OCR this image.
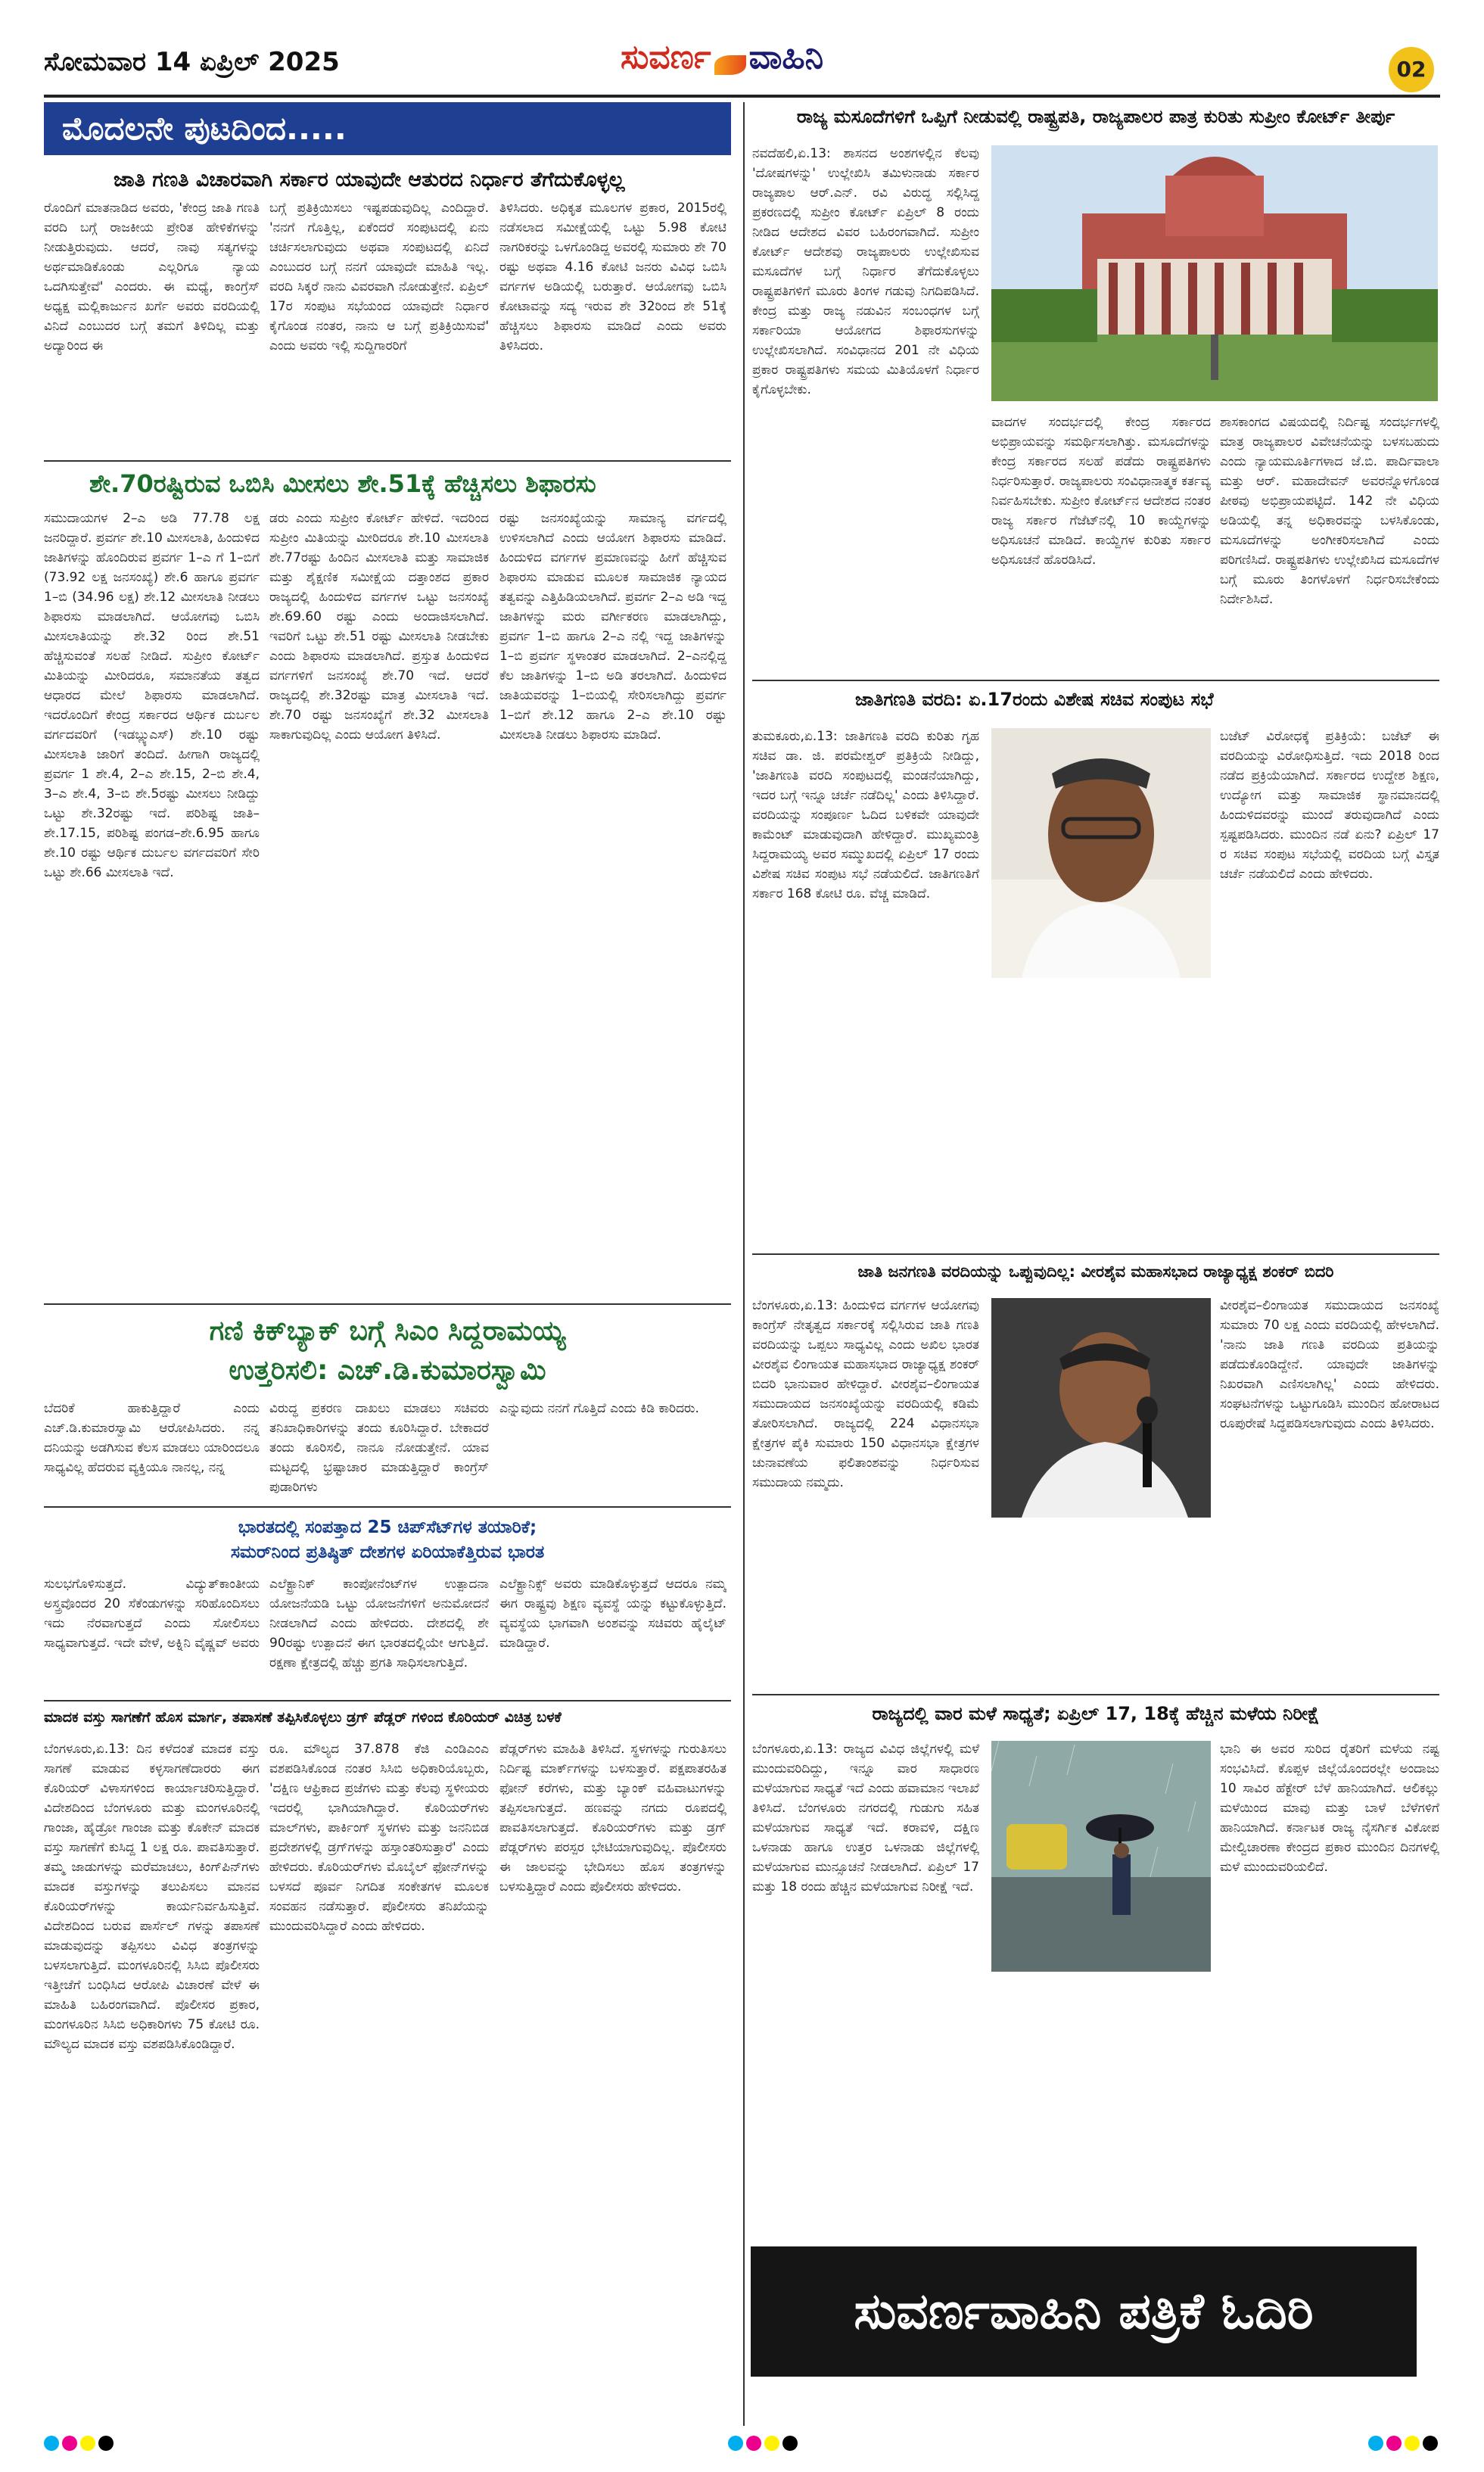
ಸೋಮವಾರ 14 ಏಪ್ರಿಲ್ 2025	ಸುವರ್ಣ ವಾಹಿನಿ	02
ಮೊದಲನೇ ಪುಟದಿಂದ.....
ಜಾತಿ ಗಣತಿ ವಿಚಾರವಾಗಿ ಸರ್ಕಾರ ಯಾವುದೇ ಆತುರದ ನಿರ್ಧಾರ ತೆಗೆದುಕೊಳ್ಳಲ್ಲ
ರೊಂದಿಗೆ ಮಾತನಾಡಿದ ಅವರು, 'ಕೇಂದ್ರ ಜಾತಿ ಗಣತಿ ವರದಿ ಬಗ್ಗೆ ರಾಜಕೀಯ ಪ್ರೇರಿತ ಹೇಳಿಕೆಗಳನ್ನು ನೀಡುತ್ತಿರುವುದು. ಆದರೆ, ನಾವು ಸತ್ಯಗಳನ್ನು ಅರ್ಥಮಾಡಿಕೊಂಡು ಎಲ್ಲರಿಗೂ ನ್ಯಾಯ ಒದಗಿಸುತ್ತೇವೆ' ಎಂದರು. ಈ ಮಧ್ಯೆ, ಕಾಂಗ್ರೆಸ್ ಅಧ್ಯಕ್ಷ ಮಲ್ಲಿಕಾರ್ಜುನ ಖರ್ಗೆ ಅವರು ವರದಿಯಲ್ಲಿ ವಿನಿದೆ ಎಂಬುದರ ಬಗ್ಗೆ ತಮಗೆ ತಿಳಿದಿಲ್ಲ ಮತ್ತು ಅದ್ಯಾರಿಂದ ಈ
ಬಗ್ಗೆ ಪ್ರತಿಕ್ರಿಯಿಸಲು ಇಷ್ಟಪಡುವುದಿಲ್ಲ ಎಂದಿದ್ದಾರೆ. 'ನನಗೆ ಗೊತ್ತಿಲ್ಲ, ಏಕೆಂದರೆ ಸಂಪುಟದಲ್ಲಿ ಏನು ಚರ್ಚಿಸಲಾಗುವುದು ಅಥವಾ ಸಂಪುಟದಲ್ಲಿ ಏನಿದೆ ಎಂಬುದರ ಬಗ್ಗೆ ನನಗೆ ಯಾವುದೇ ಮಾಹಿತಿ ಇಲ್ಲ. ವರದಿ ಸಿಕ್ಕರೆ ನಾನು ವಿವರವಾಗಿ ನೋಡುತ್ತೇನೆ. ಏಪ್ರಿಲ್ 17ರ ಸಂಪುಟ ಸಭೆಯಂದ ಯಾವುದೇ ನಿರ್ಧಾರ ಕೈಗೊಂಡ ನಂತರ, ನಾನು ಆ ಬಗ್ಗೆ ಪ್ರತಿಕ್ರಿಯಿಸುವೆ' ಎಂದು ಅವರು ಇಲ್ಲಿ ಸುದ್ದಿಗಾರರಿಗೆ
ತಿಳಿಸಿದರು. ಅಧಿಕೃತ ಮೂಲಗಳ ಪ್ರಕಾರ, 2015ರಲ್ಲಿ ನಡೆಸಲಾದ ಸಮೀಕ್ಷೆಯಲ್ಲಿ ಒಟ್ಟು 5.98 ಕೋಟಿ ನಾಗರಿಕರನ್ನು ಒಳಗೊಂಡಿದ್ದ ಅವರಲ್ಲಿ ಸುಮಾರು ಶೇ 70 ರಷ್ಟು ಅಥವಾ 4.16 ಕೋಟಿ ಜನರು ವಿವಿಧ ಒಬಿಸಿ ವರ್ಗಗಳ ಅಡಿಯಲ್ಲಿ ಬರುತ್ತಾರೆ. ಆಯೋಗವು ಒಬಿಸಿ ಕೋಟಾವನ್ನು ಸದ್ಯ ಇರುವ ಶೇ 32ರಿಂದ ಶೇ 51ಕ್ಕೆ ಹೆಚ್ಚಿಸಲು ಶಿಫಾರಸು ಮಾಡಿದೆ ಎಂದು ಅವರು ತಿಳಿಸಿದರು.
ಶೇ.70ರಷ್ಟಿರುವ ಒಬಿಸಿ ಮೀಸಲು ಶೇ.51ಕ್ಕೆ ಹೆಚ್ಚಿಸಲು ಶಿಫಾರಸು
ಸಮುದಾಯಗಳ 2–ಎ ಅಡಿ 77.78 ಲಕ್ಷ ಜನರಿದ್ದಾರೆ. ಪ್ರವರ್ಗ ಶೇ.10 ಮೀಸಲಾತಿ, ಹಿಂದುಳಿದ ಜಾತಿಗಳನ್ನು ಹೊಂದಿರುವ ಪ್ರವರ್ಗ 1–ಎ ಗೆ 1–ಬಿಗೆ (73.92 ಲಕ್ಷ ಜನಸಂಖ್ಯೆ) ಶೇ.6 ಹಾಗೂ ಪ್ರವರ್ಗ 1–ಬಿ (34.96 ಲಕ್ಷ) ಶೇ.12 ಮೀಸಲಾತಿ ನೀಡಲು ಶಿಫಾರಸು ಮಾಡಲಾಗಿದೆ. ಆಯೋಗವು ಒಬಿಸಿ ಮೀಸಲಾತಿಯನ್ನು ಶೇ.32 ರಿಂದ ಶೇ.51 ಹೆಚ್ಚಿಸುವಂತೆ ಸಲಹೆ ನೀಡಿದೆ. ಸುಪ್ರೀಂ ಕೋರ್ಟ್ ಮಿತಿಯನ್ನು ಮೀರಿದರೂ, ಸಮಾನತೆಯ ತತ್ವದ ಆಧಾರದ ಮೇಲೆ ಶಿಫಾರಸು ಮಾಡಲಾಗಿದೆ. ಇದರೊಂದಿಗೆ ಕೇಂದ್ರ ಸರ್ಕಾರದ ಆರ್ಥಿಕ ದುರ್ಬಲ ವರ್ಗದವರಿಗೆ (ಇಡಬ್ಲ್ಯುಎಸ್) ಶೇ.10 ರಷ್ಟು ಮೀಸಲಾತಿ ಜಾರಿಗೆ ತಂದಿದೆ. ಹೀಗಾಗಿ ರಾಜ್ಯದಲ್ಲಿ ಪ್ರವರ್ಗ 1 ಶೇ.4, 2–ಎ ಶೇ.15, 2–ಬಿ ಶೇ.4, 3–ಎ ಶೇ.4, 3–ಬಿ ಶೇ.5ರಷ್ಟು ಮೀಸಲು ನೀಡಿದ್ದು ಒಟ್ಟು ಶೇ.32ರಷ್ಟು ಇದೆ. ಪರಿಶಿಷ್ಟ ಜಾತಿ–ಶೇ.17.15, ಪರಿಶಿಷ್ಟ ಪಂಗಡ–ಶೇ.6.95 ಹಾಗೂ ಶೇ.10 ರಷ್ಟು ಆರ್ಥಿಕ ದುರ್ಬಲ ವರ್ಗದವರಿಗೆ ಸೇರಿ ಒಟ್ಟು ಶೇ.66 ಮೀಸಲಾತಿ ಇದೆ.
ಡರು ಎಂದು ಸುಪ್ರೀಂ ಕೋರ್ಟ್ ಹೇಳಿದೆ. ಇದರಿಂದ ಸುಪ್ರೀಂ ಮಿತಿಯನ್ನು ಮೀರಿದರೂ ಶೇ.10 ಮೀಸಲಾತಿ ಶೇ.77ರಷ್ಟು ಹಿಂದಿನ ಮೀಸಲಾತಿ ಮತ್ತು ಸಾಮಾಜಿಕ ಮತ್ತು ಶೈಕ್ಷಣಿಕ ಸಮೀಕ್ಷೆಯ ದತ್ತಾಂಶದ ಪ್ರಕಾರ ರಾಜ್ಯದಲ್ಲಿ ಹಿಂದುಳಿದ ವರ್ಗಗಳ ಒಟ್ಟು ಜನಸಂಖ್ಯೆ ಶೇ.69.60 ರಷ್ಟು ಎಂದು ಅಂದಾಜಿಸಲಾಗಿದೆ. ಇವರಿಗೆ ಒಟ್ಟು ಶೇ.51 ರಷ್ಟು ಮೀಸಲಾತಿ ನೀಡಬೇಕು ಎಂದು ಶಿಫಾರಸು ಮಾಡಲಾಗಿದೆ. ಪ್ರಸ್ತುತ ಹಿಂದುಳಿದ ವರ್ಗಗಳಿಗೆ ಜನಸಂಖ್ಯೆ ಶೇ.70 ಇದೆ. ಆದರೆ ರಾಜ್ಯದಲ್ಲಿ ಶೇ.32ರಷ್ಟು ಮಾತ್ರ ಮೀಸಲಾತಿ ಇದೆ. ಶೇ.70 ರಷ್ಟು ಜನಸಂಖ್ಯೆಗೆ ಶೇ.32 ಮೀಸಲಾತಿ ಸಾಕಾಗುವುದಿಲ್ಲ ಎಂದು ಆಯೋಗ ತಿಳಿಸಿದೆ.
ರಷ್ಟು ಜನಸಂಖ್ಯೆಯನ್ನು ಸಾಮಾನ್ಯ ವರ್ಗದಲ್ಲಿ ಉಳಿಸಲಾಗಿದೆ ಎಂದು ಆಯೋಗ ಶಿಫಾರಸು ಮಾಡಿದೆ. ಹಿಂದುಳಿದ ವರ್ಗಗಳ ಪ್ರಮಾಣವನ್ನು ಹೀಗೆ ಹೆಚ್ಚಿಸುವ ಶಿಫಾರಸು ಮಾಡುವ ಮೂಲಕ ಸಾಮಾಜಿಕ ನ್ಯಾಯದ ತತ್ವವನ್ನು ಎತ್ತಿಹಿಡಿಯಲಾಗಿದೆ. ಪ್ರವರ್ಗ 2–ಎ ಅಡಿ ಇದ್ದ ಜಾತಿಗಳನ್ನು ಮರು ವರ್ಗೀಕರಣ ಮಾಡಲಾಗಿದ್ದು, ಪ್ರವರ್ಗ 1–ಬಿ ಹಾಗೂ 2–ಎ ನಲ್ಲಿ ಇದ್ದ ಜಾತಿಗಳನ್ನು 1–ಬಿ ಪ್ರವರ್ಗ ಸ್ಥಳಾಂತರ ಮಾಡಲಾಗಿದೆ. 2–ಎನಲ್ಲಿದ್ದ ಕೆಲ ಜಾತಿಗಳನ್ನು 1–ಬಿ ಅಡಿ ತರಲಾಗಿದೆ. ಹಿಂದುಳಿದ ಜಾತಿಯವರನ್ನು 1–ಬಿಯಲ್ಲಿ ಸೇರಿಸಲಾಗಿದ್ದು ಪ್ರವರ್ಗ 1–ಬಿಗೆ ಶೇ.12 ಹಾಗೂ 2–ಎ ಶೇ.10 ರಷ್ಟು ಮೀಸಲಾತಿ ನೀಡಲು ಶಿಫಾರಸು ಮಾಡಿದೆ.
ಗಣಿ ಕಿಕ್‌ಬ್ಯಾಕ್ ಬಗ್ಗೆ ಸಿಎಂ ಸಿದ್ದರಾಮಯ್ಯ
ಉತ್ತರಿಸಲಿ: ಎಚ್.ಡಿ.ಕುಮಾರಸ್ವಾಮಿ
ಬೆದರಿಕೆ ಹಾಕುತ್ತಿದ್ದಾರೆ ಎಂದು ಎಚ್.ಡಿ.ಕುಮಾರಸ್ವಾಮಿ ಆರೋಪಿಸಿದರು. ನನ್ನ ದನಿಯನ್ನು ಅಡಗಿಸುವ ಕೆಲಸ ಮಾಡಲು ಯಾರಿಂದಲೂ ಸಾಧ್ಯವಿಲ್ಲ ಹೆದರುವ ವ್ಯಕ್ತಿಯೂ ನಾನಲ್ಲ, ನನ್ನ
ವಿರುದ್ಧ ಪ್ರಕರಣ ದಾಖಲು ಮಾಡಲು ಸಚಿವರು ತನಿಖಾಧಿಕಾರಿಗಳನ್ನು ತಂದು ಕೂರಿಸಿದ್ದಾರೆ. ಬೇಕಾದರೆ ತಂದು ಕೂರಿಸಲಿ, ನಾನೂ ನೋಡುತ್ತೇನೆ. ಯಾವ ಮಟ್ಟದಲ್ಲಿ ಭ್ರಷ್ಟಾಚಾರ ಮಾಡುತ್ತಿದ್ದಾರೆ ಕಾಂಗ್ರೆಸ್ ಪುಡಾರಿಗಳು
ಎನ್ನುವುದು ನನಗೆ ಗೊತ್ತಿದೆ ಎಂದು ಕಿಡಿ ಕಾರಿದರು.
ಭಾರತದಲ್ಲಿ ಸಂಪತ್ತಾದ 25 ಚಿಪ್‌ಸೆಟ್‌ಗಳ ತಯಾರಿಕೆ;
ಸಮರ್‌ನಿಂದ ಪ್ರತಿಷ್ಠಿತ್ ದೇಶಗಳ ಏರಿಯಾಕೆತ್ತಿರುವ ಭಾರತ
ಸುಲಭಗೊಳಿಸುತ್ತದೆ. ವಿದ್ಯುತ್‌ಕಾಂತೀಯ ಅಸ್ತ್ರವೊಂದರ 20 ಸೆಕೆಂಡುಗಳನ್ನು ಸರಿಹೊಂದಿಸಲು ಇದು ನೆರವಾಗುತ್ತದೆ ಎಂದು ಸೋಲಿಸಲು ಸಾಧ್ಯವಾಗುತ್ತದೆ. ಇದೇ ವೇಳೆ, ಅಕ್ನಿನಿ ವೈಷ್ಣವ್ ಅವರು
ಎಲೆಕ್ಟ್ರಾನಿಕ್ ಕಾಂಪೋನೆಂಟ್‌ಗಳ ಉತ್ಪಾದನಾ ಯೋಜನೆಯಡಿ ಒಟ್ಟು ಯೋಜನೆಗಳಿಗೆ ಅನುಮೋದನೆ ನೀಡಲಾಗಿದೆ ಎಂದು ಹೇಳಿದರು. ದೇಶದಲ್ಲಿ ಶೇ 90ರಷ್ಟು ಉತ್ಪಾದನೆ ಈಗ ಭಾರತದಲ್ಲಿಯೇ ಆಗುತ್ತಿದೆ. ರಕ್ಷಣಾ ಕ್ಷೇತ್ರದಲ್ಲಿ ಹೆಚ್ಚು ಪ್ರಗತಿ ಸಾಧಿಸಲಾಗುತ್ತಿದೆ.
ಎಲೆಕ್ಟ್ರಾನಿಕ್ಸ್ ಅವರು ಮಾಡಿಕೊಳ್ಳುತ್ತದೆ ಆದರೂ ನಮ್ಮ ಈಗ ರಾಷ್ಟ್ರವು ಶಿಕ್ಷಣ ವ್ಯವಸ್ಥೆ ಯನ್ನು ಕಟ್ಟುಕೊಳ್ಳುತ್ತಿದೆ. ವ್ಯವಸ್ಥೆಯ ಭಾಗವಾಗಿ ಅಂಶವನ್ನು ಸಚಿವರು ಹೈಲೈಟ್ ಮಾಡಿದ್ದಾರೆ.
ಮಾದಕ ವಸ್ತು ಸಾಗಣೆಗೆ ಹೊಸ ಮಾರ್ಗ, ತಪಾಸಣೆ ತಪ್ಪಿಸಿಕೊಳ್ಳಲು ಡ್ರಗ್ ಪೆಡ್ಲರ್ ಗಳಿಂದ ಕೊರಿಯರ್ ವಿಚಿತ್ರ ಬಳಕೆ
ಬೆಂಗಳೂರು,ಏ.13: ದಿನ ಕಳೆದಂತೆ ಮಾದಕ ವಸ್ತು ಸಾಗಣೆ ಮಾಡುವ ಕಳ್ಳಸಾಗಣೆದಾರರು ಈಗ ಕೊರಿಯರ್ ವಿಳಾಸಗಳಿಂದ ಕಾರ್ಯಾಚರಿಸುತ್ತಿದ್ದಾರೆ. ವಿದೇಶದಿಂದ ಬೆಂಗಳೂರು ಮತ್ತು ಮಂಗಳೂರಿನಲ್ಲಿ ಗಾಂಜಾ, ಹೈಡ್ರೋ ಗಾಂಜಾ ಮತ್ತು ಕೊಕೇನ್ ಮಾದಕ ವಸ್ತು ಸಾಗಣೆಗೆ ಕುಸಿದ್ದ 1 ಲಕ್ಷ ರೂ. ಪಾವತಿಸುತ್ತಾರೆ. ತಮ್ಮ ಜಾಡುಗಳನ್ನು ಮರೆಮಾಚಲು, ಕಿಂಗ್‌ಪಿನ್‌ಗಳು ಮಾದಕ ವಸ್ತುಗಳನ್ನು ತಲುಪಿಸಲು ಮಾನವ ಕೊರಿಯರ್‌ಗಳನ್ನು ಕಾರ್ಯನಿರ್ವಹಿಸುತ್ತಿವೆ. ವಿದೇಶದಿಂದ ಬರುವ ಪಾರ್ಸೆಲ್ ಗಳನ್ನು ತಪಾಸಣೆ ಮಾಡುವುದನ್ನು ತಪ್ಪಿಸಲು ವಿವಿಧ ತಂತ್ರಗಳನ್ನು ಬಳಸಲಾಗುತ್ತಿದೆ. ಮಂಗಳೂರಿನಲ್ಲಿ ಸಿಸಿಬಿ ಪೊಲೀಸರು ಇತ್ತೀಚೆಗೆ ಬಂಧಿಸಿದ ಆರೋಪಿ ವಿಚಾರಣೆ ವೇಳೆ ಈ ಮಾಹಿತಿ ಬಹಿರಂಗವಾಗಿದೆ. ಪೊಲೀಸರ ಪ್ರಕಾರ, ಮಂಗಳೂರಿನ ಸಿಸಿಬಿ ಅಧಿಕಾರಿಗಳು 75 ಕೋಟಿ ರೂ. ಮೌಲ್ಯದ ಮಾದಕ ವಸ್ತು ವಶಪಡಿಸಿಕೊಂಡಿದ್ದಾರೆ.
ರೂ. ಮೌಲ್ಯದ 37.878 ಕೆಜಿ ಎಂಡಿಎಂಎ ವಶಪಡಿಸಿಕೊಂಡ ನಂತರ ಸಿಸಿಬಿ ಅಧಿಕಾರಿಯೊಬ್ಬರು, 'ದಕ್ಷಿಣ ಆಫ್ರಿಕಾದ ಪ್ರಜೆಗಳು ಮತ್ತು ಕೆಲವು ಸ್ಥಳೀಯರು ಇದರಲ್ಲಿ ಭಾಗಿಯಾಗಿದ್ದಾರೆ. ಕೊರಿಯರ್‌ಗಳು ಮಾಲ್‌ಗಳು, ಪಾರ್ಕಿಂಗ್ ಸ್ಥಳಗಳು ಮತ್ತು ಜನನಿಬಿಡ ಪ್ರದೇಶಗಳಲ್ಲಿ ಡ್ರಗ್‌ಗಳನ್ನು ಹಸ್ತಾಂತರಿಸುತ್ತಾರೆ' ಎಂದು ಹೇಳಿದರು. ಕೊರಿಯರ್‌ಗಳು ಮೊಬೈಲ್ ಫೋನ್‌ಗಳನ್ನು ಬಳಸದೆ ಪೂರ್ವ ನಿಗದಿತ ಸಂಕೇತಗಳ ಮೂಲಕ ಸಂವಹನ ನಡೆಸುತ್ತಾರೆ. ಪೊಲೀಸರು ತನಿಖೆಯನ್ನು ಮುಂದುವರಿಸಿದ್ದಾರೆ ಎಂದು ಹೇಳಿದರು.
ಪೆಡ್ಲರ್‌ಗಳು ಮಾಹಿತಿ ತಿಳಿಸಿದೆ. ಸ್ಥಳಗಳನ್ನು ಗುರುತಿಸಲು ನಿರ್ದಿಷ್ಟ ಮಾರ್ಕ್‌ಗಳನ್ನು ಬಳಸುತ್ತಾರೆ. ಪಕ್ಷಪಾತರಹಿತ ಫೋನ್ ಕರೆಗಳು, ಮತ್ತು ಬ್ಯಾಂಕ್ ವಹಿವಾಟುಗಳನ್ನು ತಪ್ಪಿಸಲಾಗುತ್ತದೆ. ಹಣವನ್ನು ನಗದು ರೂಪದಲ್ಲಿ ಪಾವತಿಸಲಾಗುತ್ತದೆ. ಕೊರಿಯರ್‌ಗಳು ಮತ್ತು ಡ್ರಗ್ ಪೆಡ್ಲರ್‌ಗಳು ಪರಸ್ಪರ ಭೇಟಿಯಾಗುವುದಿಲ್ಲ. ಪೊಲೀಸರು ಈ ಜಾಲವನ್ನು ಭೇದಿಸಲು ಹೊಸ ತಂತ್ರಗಳನ್ನು ಬಳಸುತ್ತಿದ್ದಾರೆ ಎಂದು ಪೊಲೀಸರು ಹೇಳಿದರು.
ರಾಜ್ಯ ಮಸೂದೆಗಳಿಗೆ ಒಪ್ಪಿಗೆ ನೀಡುವಲ್ಲಿ ರಾಷ್ಟ್ರಪತಿ, ರಾಜ್ಯಪಾಲರ ಪಾತ್ರ ಕುರಿತು ಸುಪ್ರೀಂ ಕೋರ್ಟ್ ತೀರ್ಪು
ನವದೆಹಲಿ,ಏ.13: ಶಾಸನದ ಅಂಶಗಳಲ್ಲಿನ ಕೆಲವು 'ದೋಷಗಳನ್ನು' ಉಲ್ಲೇಖಿಸಿ ತಮಿಳುನಾಡು ಸರ್ಕಾರ ರಾಜ್ಯಪಾಲ ಆರ್.ಎನ್. ರವಿ ವಿರುದ್ಧ ಸಲ್ಲಿಸಿದ್ದ ಪ್ರಕರಣದಲ್ಲಿ ಸುಪ್ರೀಂ ಕೋರ್ಟ್ ಏಪ್ರಿಲ್ 8 ರಂದು ನೀಡಿದ ಆದೇಶದ ವಿವರ ಬಹಿರಂಗವಾಗಿದೆ. ಸುಪ್ರೀಂ ಕೋರ್ಟ್ ಆದೇಶವು ರಾಜ್ಯಪಾಲರು ಉಲ್ಲೇಖಿಸುವ ಮಸೂದೆಗಳ ಬಗ್ಗೆ ನಿರ್ಧಾರ ತೆಗೆದುಕೊಳ್ಳಲು ರಾಷ್ಟ್ರಪತಿಗಳಿಗೆ ಮೂರು ತಿಂಗಳ ಗಡುವು ನಿಗದಿಪಡಿಸಿದೆ. ಕೇಂದ್ರ ಮತ್ತು ರಾಜ್ಯ ನಡುವಿನ ಸಂಬಂಧಗಳ ಬಗ್ಗೆ ಸರ್ಕಾರಿಯಾ ಆಯೋಗದ ಶಿಫಾರಸುಗಳನ್ನು ಉಲ್ಲೇಖಿಸಲಾಗಿದೆ. ಸಂವಿಧಾನದ 201 ನೇ ವಿಧಿಯ ಪ್ರಕಾರ ರಾಷ್ಟ್ರಪತಿಗಳು ಸಮಯ ಮಿತಿಯೊಳಗೆ ನಿರ್ಧಾರ ಕೈಗೊಳ್ಳಬೇಕು.
ವಾದಗಳ ಸಂದರ್ಭದಲ್ಲಿ ಕೇಂದ್ರ ಸರ್ಕಾರದ ಅಭಿಪ್ರಾಯವನ್ನು ಸಮರ್ಥಿಸಲಾಗಿತ್ತು. ಮಸೂದೆಗಳನ್ನು ಕೇಂದ್ರ ಸರ್ಕಾರದ ಸಲಹೆ ಪಡೆದು ರಾಷ್ಟ್ರಪತಿಗಳು ನಿರ್ಧರಿಸುತ್ತಾರೆ. ರಾಜ್ಯಪಾಲರು ಸಂವಿಧಾನಾತ್ಮಕ ಕರ್ತವ್ಯ ನಿರ್ವಹಿಸಬೇಕು. ಸುಪ್ರೀಂ ಕೋರ್ಟ್‌ನ ಆದೇಶದ ನಂತರ ರಾಜ್ಯ ಸರ್ಕಾರ ಗೆಜೆಟ್‌ನಲ್ಲಿ 10 ಕಾಯ್ದೆಗಳನ್ನು ಅಧಿಸೂಚನೆ ಮಾಡಿದೆ. ಕಾಯ್ದೆಗಳ ಕುರಿತು ಸರ್ಕಾರ ಅಧಿಸೂಚನೆ ಹೊರಡಿಸಿದೆ.
ಶಾಸಕಾಂಗದ ವಿಷಯದಲ್ಲಿ ನಿರ್ದಿಷ್ಟ ಸಂದರ್ಭಗಳಲ್ಲಿ ಮಾತ್ರ ರಾಜ್ಯಪಾಲರ ವಿವೇಚನೆಯನ್ನು ಬಳಸಬಹುದು ಎಂದು ನ್ಯಾಯಮೂರ್ತಿಗಳಾದ ಜೆ.ಬಿ. ಪಾರ್ದಿವಾಲಾ ಮತ್ತು ಆರ್. ಮಹಾದೇವನ್ ಅವರನ್ನೊಳಗೊಂಡ ಪೀಠವು ಅಭಿಪ್ರಾಯಪಟ್ಟಿದೆ. 142 ನೇ ವಿಧಿಯ ಅಡಿಯಲ್ಲಿ ತನ್ನ ಅಧಿಕಾರವನ್ನು ಬಳಸಿಕೊಂಡು, ಮಸೂದೆಗಳನ್ನು ಅಂಗೀಕರಿಸಲಾಗಿದೆ ಎಂದು ಪರಿಗಣಿಸಿದೆ. ರಾಷ್ಟ್ರಪತಿಗಳು ಉಲ್ಲೇಖಿಸಿದ ಮಸೂದೆಗಳ ಬಗ್ಗೆ ಮೂರು ತಿಂಗಳೊಳಗೆ ನಿರ್ಧರಿಸಬೇಕೆಂದು ನಿರ್ದೇಶಿಸಿದೆ.
ಜಾತಿಗಣತಿ ವರದಿ: ಏ.17ರಂದು ವಿಶೇಷ ಸಚಿವ ಸಂಪುಟ ಸಭೆ
ತುಮಕೂರು,ಏ.13: ಜಾತಿಗಣತಿ ವರದಿ ಕುರಿತು ಗೃಹ ಸಚಿವ ಡಾ. ಜಿ. ಪರಮೇಶ್ವರ್ ಪ್ರತಿಕ್ರಿಯೆ ನೀಡಿದ್ದು, 'ಜಾತಿಗಣತಿ ವರದಿ ಸಂಪುಟದಲ್ಲಿ ಮಂಡನೆಯಾಗಿದ್ದು, ಇದರ ಬಗ್ಗೆ ಇನ್ನೂ ಚರ್ಚೆ ನಡೆದಿಲ್ಲ' ಎಂದು ತಿಳಿಸಿದ್ದಾರೆ. ವರದಿಯನ್ನು ಸಂಪೂರ್ಣ ಓದಿದ ಬಳಿಕವೇ ಯಾವುದೇ ಕಾಮೆಂಟ್ ಮಾಡುವುದಾಗಿ ಹೇಳಿದ್ದಾರೆ. ಮುಖ್ಯಮಂತ್ರಿ ಸಿದ್ದರಾಮಯ್ಯ ಅವರ ಸಮ್ಮುಖದಲ್ಲಿ ಏಪ್ರಿಲ್ 17 ರಂದು ವಿಶೇಷ ಸಚಿವ ಸಂಪುಟ ಸಭೆ ನಡೆಯಲಿದೆ. ಜಾತಿಗಣತಿಗೆ ಸರ್ಕಾರ 168 ಕೋಟಿ ರೂ. ವೆಚ್ಚ ಮಾಡಿದೆ.
ಬಜೆಟ್ ವಿರೋಧಕ್ಕೆ ಪ್ರತಿಕ್ರಿಯೆ: ಬಜೆಟ್ ಈ ವರದಿಯನ್ನು ವಿರೋಧಿಸುತ್ತಿದೆ. ಇದು 2018 ರಿಂದ ನಡೆದ ಪ್ರಕ್ರಿಯೆಯಾಗಿದೆ. ಸರ್ಕಾರದ ಉದ್ದೇಶ ಶಿಕ್ಷಣ, ಉದ್ಯೋಗ ಮತ್ತು ಸಾಮಾಜಿಕ ಸ್ಥಾನಮಾನದಲ್ಲಿ ಹಿಂದುಳಿದವರನ್ನು ಮುಂದೆ ತರುವುದಾಗಿದೆ ಎಂದು ಸ್ಪಷ್ಟಪಡಿಸಿದರು. ಮುಂದಿನ ನಡೆ ಏನು? ಏಪ್ರಿಲ್ 17 ರ ಸಚಿವ ಸಂಪುಟ ಸಭೆಯಲ್ಲಿ ವರದಿಯ ಬಗ್ಗೆ ವಿಸ್ತೃತ ಚರ್ಚೆ ನಡೆಯಲಿದೆ ಎಂದು ಹೇಳಿದರು.
ಜಾತಿ ಜನಗಣತಿ ವರದಿಯನ್ನು ಒಪ್ಪುವುದಿಲ್ಲ: ವೀರಶೈವ ಮಹಾಸಭಾದ ರಾಜ್ಯಾಧ್ಯಕ್ಷ ಶಂಕರ್ ಬಿದರಿ
ಬೆಂಗಳೂರು,ಏ.13: ಹಿಂದುಳಿದ ವರ್ಗಗಳ ಆಯೋಗವು ಕಾಂಗ್ರೆಸ್ ನೇತೃತ್ವದ ಸರ್ಕಾರಕ್ಕೆ ಸಲ್ಲಿಸಿರುವ ಜಾತಿ ಗಣತಿ ವರದಿಯನ್ನು ಒಪ್ಪಲು ಸಾಧ್ಯವಿಲ್ಲ ಎಂದು ಅಖಿಲ ಭಾರತ ವೀರಶೈವ ಲಿಂಗಾಯತ ಮಹಾಸಭಾದ ರಾಜ್ಯಾಧ್ಯಕ್ಷ ಶಂಕರ್ ಬಿದರಿ ಭಾನುವಾರ ಹೇಳಿದ್ದಾರೆ. ವೀರಶೈವ–ಲಿಂಗಾಯತ ಸಮುದಾಯದ ಜನಸಂಖ್ಯೆಯನ್ನು ವರದಿಯಲ್ಲಿ ಕಡಿಮೆ ತೋರಿಸಲಾಗಿದೆ. ರಾಜ್ಯದಲ್ಲಿ 224 ವಿಧಾನಸಭಾ ಕ್ಷೇತ್ರಗಳ ಪೈಕಿ ಸುಮಾರು 150 ವಿಧಾನಸಭಾ ಕ್ಷೇತ್ರಗಳ ಚುನಾವಣೆಯ ಫಲಿತಾಂಶವನ್ನು ನಿರ್ಧರಿಸುವ ಸಮುದಾಯ ನಮ್ಮದು.
ವೀರಶೈವ–ಲಿಂಗಾಯತ ಸಮುದಾಯದ ಜನಸಂಖ್ಯೆ ಸುಮಾರು 70 ಲಕ್ಷ ಎಂದು ವರದಿಯಲ್ಲಿ ಹೇಳಲಾಗಿದೆ. 'ನಾನು ಜಾತಿ ಗಣತಿ ವರದಿಯ ಪ್ರತಿಯನ್ನು ಪಡೆದುಕೊಂಡಿದ್ದೇನೆ. ಯಾವುದೇ ಜಾತಿಗಳನ್ನು ನಿಖರವಾಗಿ ಎಣಿಸಲಾಗಿಲ್ಲ' ಎಂದು ಹೇಳಿದರು. ಸಂಘಟನೆಗಳನ್ನು ಒಟ್ಟುಗೂಡಿಸಿ ಮುಂದಿನ ಹೋರಾಟದ ರೂಪುರೇಷೆ ಸಿದ್ಧಪಡಿಸಲಾಗುವುದು ಎಂದು ತಿಳಿಸಿದರು.
ರಾಜ್ಯದಲ್ಲಿ ವಾರ ಮಳೆ ಸಾಧ್ಯತೆ; ಏಪ್ರಿಲ್ 17, 18ಕ್ಕೆ ಹೆಚ್ಚಿನ ಮಳೆಯ ನಿರೀಕ್ಷೆ
ಬೆಂಗಳೂರು,ಏ.13: ರಾಜ್ಯದ ವಿವಿಧ ಜಿಲ್ಲೆಗಳಲ್ಲಿ ಮಳೆ ಮುಂದುವರಿದಿದ್ದು, ಇನ್ನೂ ವಾರ ಸಾಧಾರಣ ಮಳೆಯಾಗುವ ಸಾಧ್ಯತೆ ಇದೆ ಎಂದು ಹವಾಮಾನ ಇಲಾಖೆ ತಿಳಿಸಿದೆ. ಬೆಂಗಳೂರು ನಗರದಲ್ಲಿ ಗುಡುಗು ಸಹಿತ ಮಳೆಯಾಗುವ ಸಾಧ್ಯತೆ ಇದೆ. ಕರಾವಳಿ, ದಕ್ಷಿಣ ಒಳನಾಡು ಹಾಗೂ ಉತ್ತರ ಒಳನಾಡು ಜಿಲ್ಲೆಗಳಲ್ಲಿ ಮಳೆಯಾಗುವ ಮುನ್ಸೂಚನೆ ನೀಡಲಾಗಿದೆ. ಏಪ್ರಿಲ್ 17 ಮತ್ತು 18 ರಂದು ಹೆಚ್ಚಿನ ಮಳೆಯಾಗುವ ನಿರೀಕ್ಷೆ ಇದೆ.
ಭಾನಿ ಈ ಅವರ ಸುರಿದ ರೈತರಿಗೆ ಮಳೆಯ ನಷ್ಟ ಸಂಭವಿಸಿದೆ. ಕೊಪ್ಪಳ ಜಿಲ್ಲೆಯೊಂದರಲ್ಲೇ ಅಂದಾಜು 10 ಸಾವಿರ ಹೆಕ್ಟೇರ್ ಬೆಳೆ ಹಾನಿಯಾಗಿದೆ. ಆಲಿಕಲ್ಲು ಮಳೆಯಿಂದ ಮಾವು ಮತ್ತು ಬಾಳೆ ಬೆಳೆಗಳಿಗೆ ಹಾನಿಯಾಗಿದೆ. ಕರ್ನಾಟಕ ರಾಜ್ಯ ನೈಸರ್ಗಿಕ ವಿಕೋಪ ಮೇಲ್ವಿಚಾರಣಾ ಕೇಂದ್ರದ ಪ್ರಕಾರ ಮುಂದಿನ ದಿನಗಳಲ್ಲಿ ಮಳೆ ಮುಂದುವರಿಯಲಿದೆ.
ಸುವರ್ಣವಾಹಿನಿ ಪತ್ರಿಕೆ ಓದಿರಿ
